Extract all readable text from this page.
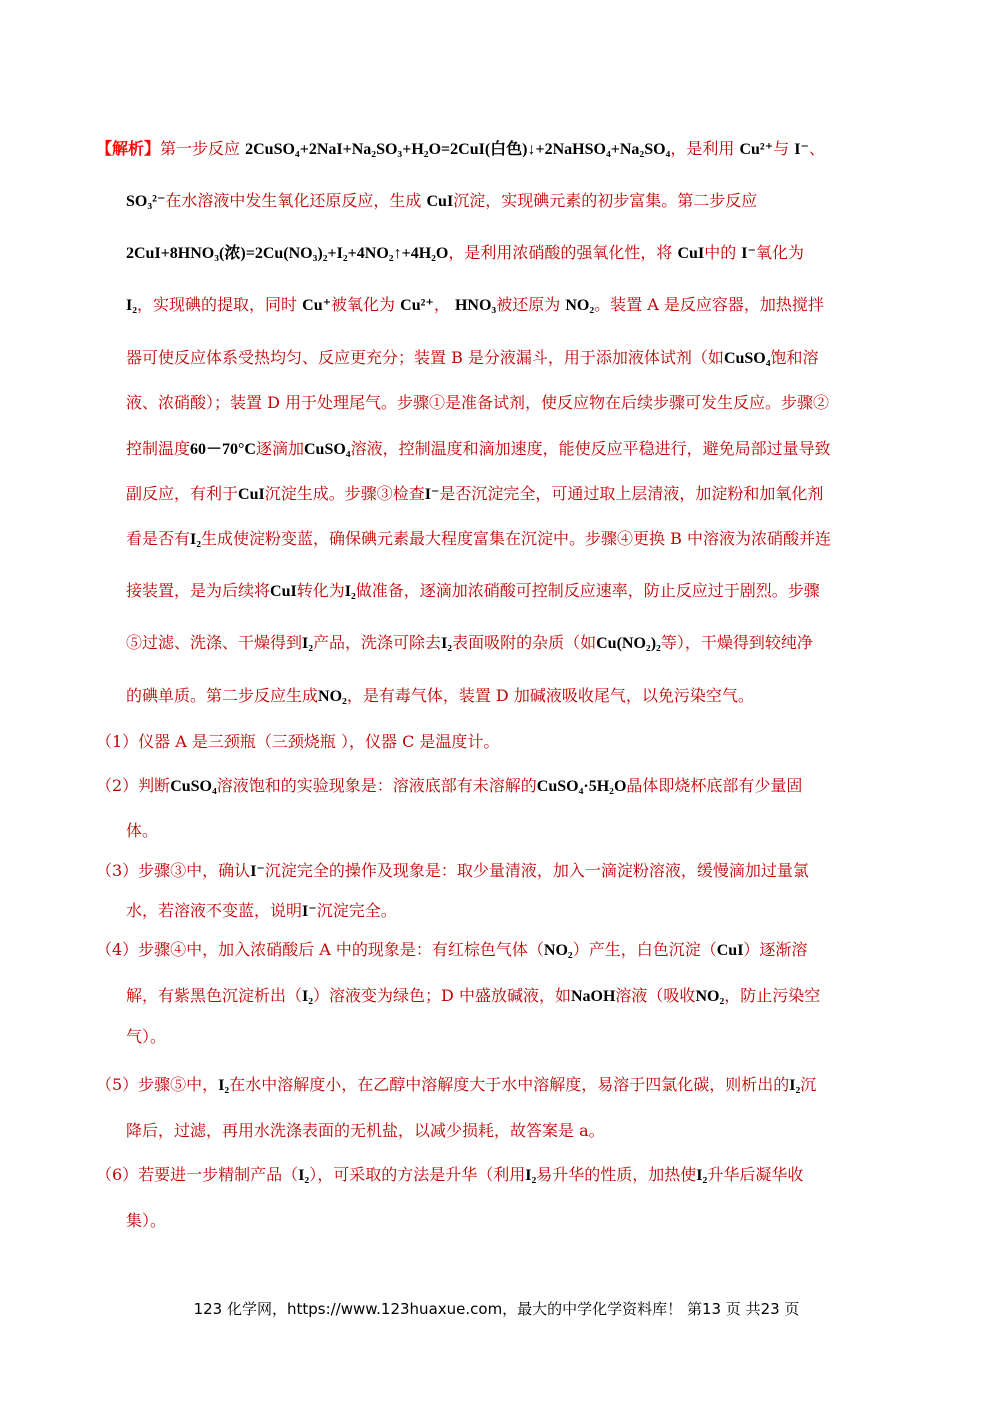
【解析】第一步反应 2CuSO₄+2NaI+Na₂SO₃+H₂O=2CuI(白色)↓+2NaHSO₄+Na₂SO₄，是利用 Cu²⁺与 I⁻、
SO₃²⁻在水溶液中发生氧化还原反应，生成 CuI沉淀，实现碘元素的初步富集。第二步反应
2CuI+8HNO₃(浓)=2Cu(NO₃)₂+I₂+4NO₂↑+4H₂O，是利用浓硝酸的强氧化性，将 CuI中的 I⁻氧化为
I₂，实现碘的提取，同时 Cu⁺被氧化为 Cu²⁺， HNO₃被还原为 NO₂。装置 A 是反应容器，加热搅拌
器可使反应体系受热均匀、反应更充分；装置 B 是分液漏斗，用于添加液体试剂（如CuSO₄饱和溶
液、浓硝酸）；装置 D 用于处理尾气。步骤①是准备试剂，使反应物在后续步骤可发生反应。步骤②
控制温度60－70°C逐滴加CuSO₄溶液，控制温度和滴加速度，能使反应平稳进行，避免局部过量导致
副反应，有利于CuI沉淀生成。步骤③检查I⁻是否沉淀完全，可通过取上层清液，加淀粉和加氧化剂
看是否有I₂生成使淀粉变蓝，确保碘元素最大程度富集在沉淀中。步骤④更换 B 中溶液为浓硝酸并连
接装置，是为后续将CuI转化为I₂做准备，逐滴加浓硝酸可控制反应速率，防止反应过于剧烈。步骤
⑤过滤、洗涤、干燥得到I₂产品，洗涤可除去I₂表面吸附的杂质（如Cu(NO₂)₂等），干燥得到较纯净
的碘单质。第二步反应生成NO₂，是有毒气体，装置 D 加碱液吸收尾气，以免污染空气。
（1）仪器 A 是三颈瓶（三颈烧瓶 ），仪器 C 是温度计。
（2）判断CuSO₄溶液饱和的实验现象是：溶液底部有未溶解的CuSO₄·5H₂O晶体即烧杯底部有少量固
体。
（3）步骤③中，确认I⁻沉淀完全的操作及现象是：取少量清液，加入一滴淀粉溶液，缓慢滴加过量氯
水，若溶液不变蓝，说明I⁻沉淀完全。
（4）步骤④中，加入浓硝酸后 A 中的现象是：有红棕色气体（NO₂）产生，白色沉淀（CuI）逐渐溶
解，有紫黑色沉淀析出（I₂）溶液变为绿色；D 中盛放碱液，如NaOH溶液（吸收NO₂，防止污染空
气）。
（5）步骤⑤中，I₂在水中溶解度小，在乙醇中溶解度大于水中溶解度，易溶于四氯化碳，则析出的I₂沉
降后，过滤，再用水洗涤表面的无机盐，以减少损耗，故答案是 a。
（6）若要进一步精制产品（I₂），可采取的方法是升华（利用I₂易升华的性质，加热使I₂升华后凝华收
集）。
123 化学网，https://www.123huaxue.com，最大的中学化学资料库！ 第13 页 共23 页
